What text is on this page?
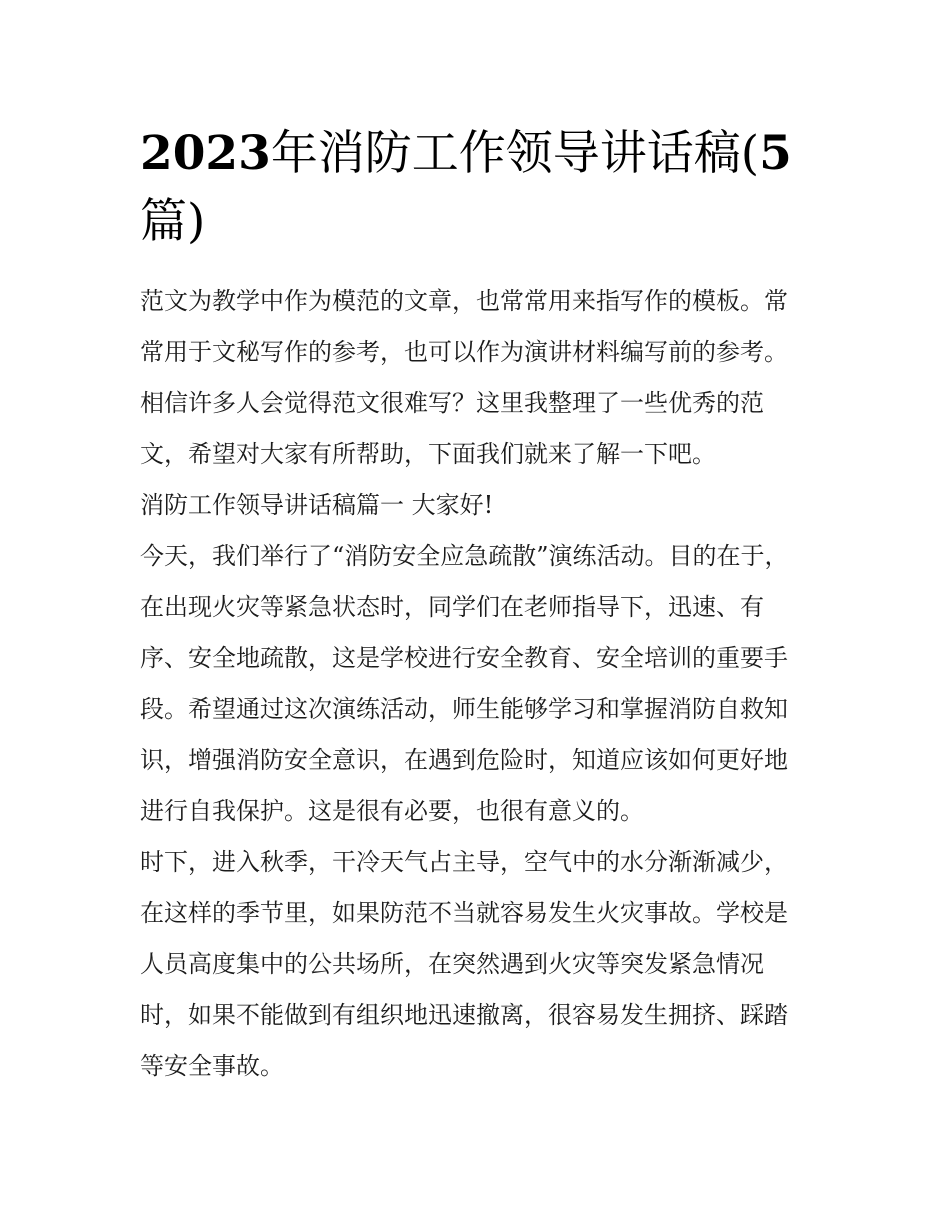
2023年消防工作领导讲话稿(5
篇)
范文为教学中作为模范的文章，也常常用来指写作的模板。常
常用于文秘写作的参考，也可以作为演讲材料编写前的参考。
相信许多人会觉得范文很难写？这里我整理了一些优秀的范
文，希望对大家有所帮助，下面我们就来了解一下吧。
消防工作领导讲话稿篇一 大家好!
今天，我们举行了“消防安全应急疏散”演练活动。目的在于，
在出现火灾等紧急状态时，同学们在老师指导下，迅速、有
序、安全地疏散，这是学校进行安全教育、安全培训的重要手
段。希望通过这次演练活动，师生能够学习和掌握消防自救知
识，增强消防安全意识，在遇到危险时，知道应该如何更好地
进行自我保护。这是很有必要，也很有意义的。
时下，进入秋季，干冷天气占主导，空气中的水分渐渐减少，
在这样的季节里，如果防范不当就容易发生火灾事故。学校是
人员高度集中的公共场所，在突然遇到火灾等突发紧急情况
时，如果不能做到有组织地迅速撤离，很容易发生拥挤、踩踏
等安全事故。
